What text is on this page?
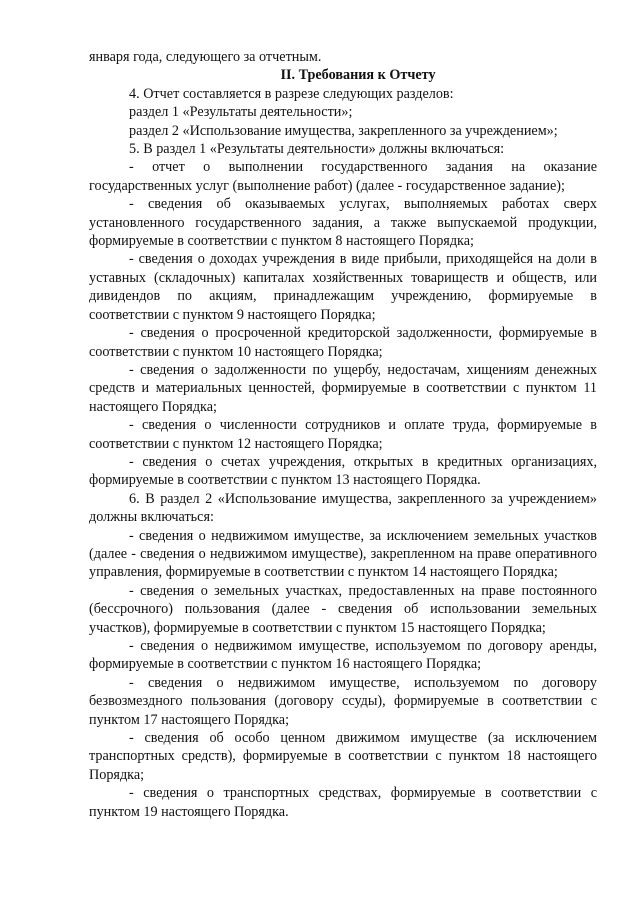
января года, следующего за отчетным.

II. Требования к Отчету

4. Отчет составляется в разрезе следующих разделов:

раздел 1 «Результаты деятельности»;

раздел 2 «Использование имущества, закрепленного за учреждением»;

5. В раздел 1 «Результаты деятельности» должны включаться:

- отчет о выполнении государственного задания на оказание государственных услуг (выполнение работ) (далее - государственное задание);

- сведения об оказываемых услугах, выполняемых работах сверх установленного государственного задания, а также выпускаемой продукции, формируемые в соответствии с пунктом 8 настоящего Порядка;

- сведения о доходах учреждения в виде прибыли, приходящейся на доли в уставных (складочных) капиталах хозяйственных товариществ и обществ, или дивидендов по акциям, принадлежащим учреждению, формируемые в соответствии с пунктом 9 настоящего Порядка;

- сведения о просроченной кредиторской задолженности, формируемые в соответствии с пунктом 10 настоящего Порядка;

- сведения о задолженности по ущербу, недостачам, хищениям денежных средств и материальных ценностей, формируемые в соответствии с пунктом 11 настоящего Порядка;

- сведения о численности сотрудников и оплате труда, формируемые в соответствии с пунктом 12 настоящего Порядка;

- сведения о счетах учреждения, открытых в кредитных организациях, формируемые в соответствии с пунктом 13 настоящего Порядка.

6. В раздел 2 «Использование имущества, закрепленного за учреждением» должны включаться:

- сведения о недвижимом имуществе, за исключением земельных участков (далее - сведения о недвижимом имуществе), закрепленном на праве оперативного управления, формируемые в соответствии с пунктом 14 настоящего Порядка;

- сведения о земельных участках, предоставленных на праве постоянного (бессрочного) пользования (далее - сведения об использовании земельных участков), формируемые в соответствии с пунктом 15 настоящего Порядка;

- сведения о недвижимом имуществе, используемом по договору аренды, формируемые в соответствии с пунктом 16 настоящего Порядка;

- сведения о недвижимом имуществе, используемом по договору безвозмездного пользования (договору ссуды), формируемые в соответствии с пунктом 17 настоящего Порядка;

- сведения об особо ценном движимом имуществе (за исключением транспортных средств), формируемые в соответствии с пунктом 18 настоящего Порядка;

- сведения о транспортных средствах, формируемые в соответствии с пунктом 19 настоящего Порядка.
